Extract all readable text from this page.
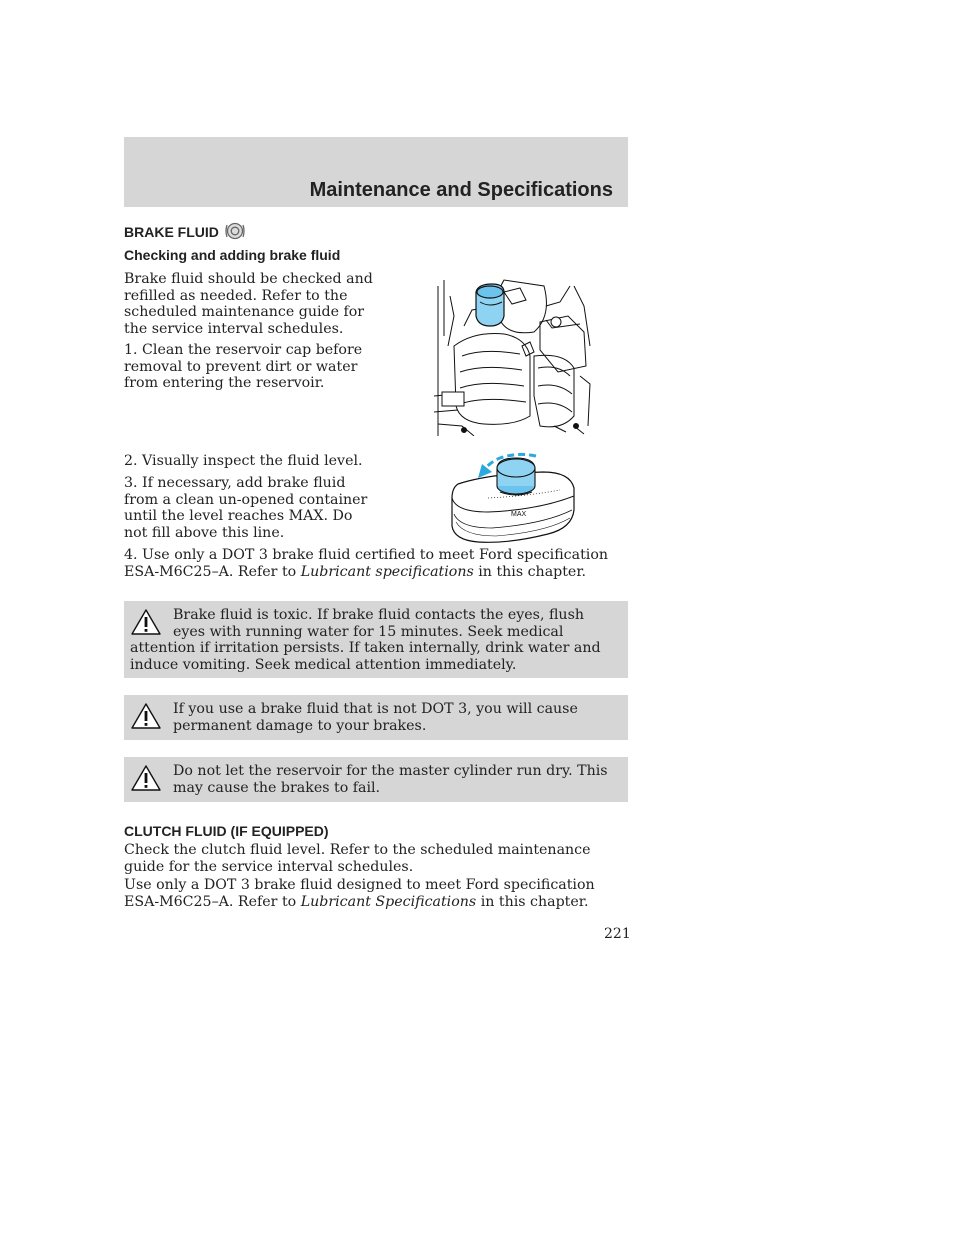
Maintenance and Specifications
BRAKE FLUID
Checking and adding brake fluid

Brake fluid should be checked and refilled as needed. Refer to the scheduled maintenance guide for the service interval schedules.

1. Clean the reservoir cap before removal to prevent dirt or water from entering the reservoir.

2. Visually inspect the fluid level.

3. If necessary, add brake fluid from a clean un-opened container until the level reaches MAX. Do not fill above this line.

MAX

4. Use only a DOT 3 brake fluid certified to meet Ford specification ESA-M6C25–A. Refer to Lubricant specifications in this chapter.

Brake fluid is toxic. If brake fluid contacts the eyes, flush eyes with running water for 15 minutes. Seek medical attention if irritation persists. If taken internally, drink water and induce vomiting. Seek medical attention immediately.

If you use a brake fluid that is not DOT 3, you will cause permanent damage to your brakes.

Do not let the reservoir for the master cylinder run dry. This may cause the brakes to fail.

CLUTCH FLUID (IF EQUIPPED)

Check the clutch fluid level. Refer to the scheduled maintenance guide for the service interval schedules.

Use only a DOT 3 brake fluid designed to meet Ford specification ESA-M6C25–A. Refer to Lubricant Specifications in this chapter.

221
